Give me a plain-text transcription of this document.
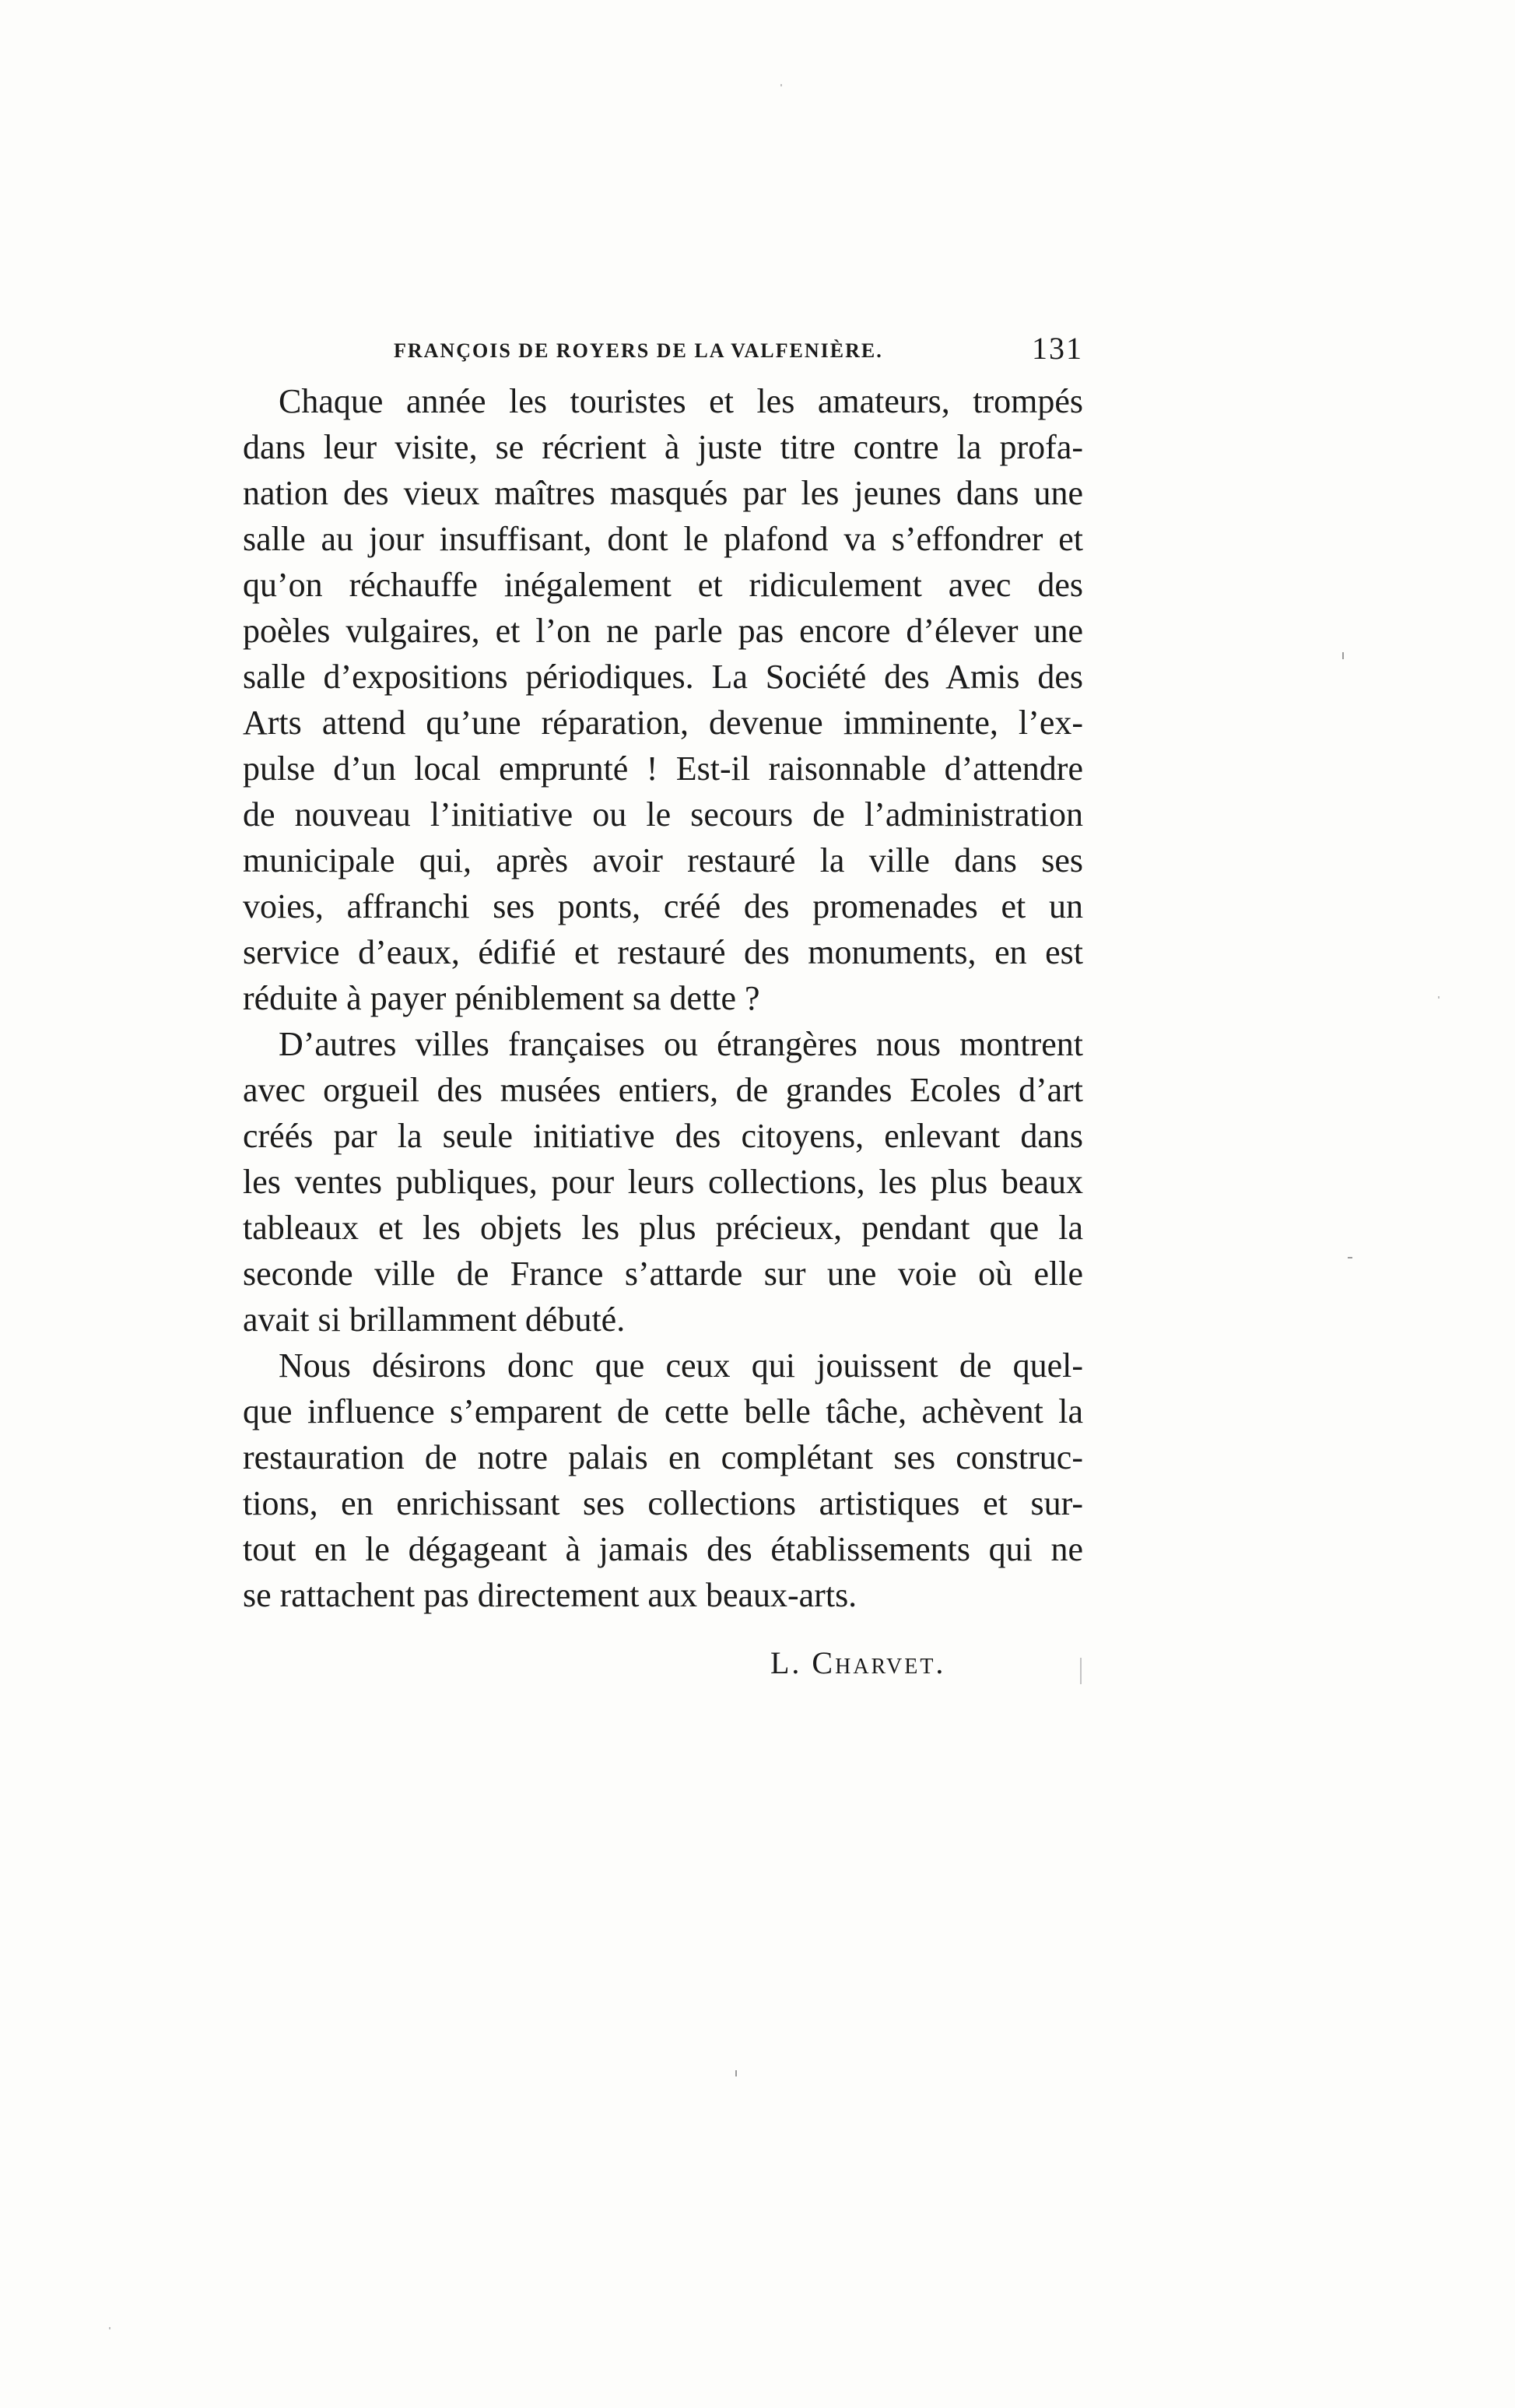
FRANÇOIS DE ROYERS DE LA VALFENIÈRE.	131
Chaque année les touristes et les amateurs, trompés
dans leur visite, se récrient à juste titre contre la profa-
nation des vieux maîtres masqués par les jeunes dans une
salle au jour insuffisant, dont le plafond va s’effondrer et
qu’on réchauffe inégalement et ridiculement avec des
poèles vulgaires, et l’on ne parle pas encore d’élever une
salle d’expositions périodiques. La Société des Amis des
Arts attend qu’une réparation, devenue imminente, l’ex-
pulse d’un local emprunté ! Est-il raisonnable d’attendre
de nouveau l’initiative ou le secours de l’administration
municipale qui, après avoir restauré la ville dans ses
voies, affranchi ses ponts, créé des promenades et un
service d’eaux, édifié et restauré des monuments, en est
réduite à payer péniblement sa dette ?
D’autres villes françaises ou étrangères nous montrent
avec orgueil des musées entiers, de grandes Ecoles d’art
créés par la seule initiative des citoyens, enlevant dans
les ventes publiques, pour leurs collections, les plus beaux
tableaux et les objets les plus précieux, pendant que la
seconde ville de France s’attarde sur une voie où elle
avait si brillamment débuté.
Nous désirons donc que ceux qui jouissent de quel-
que influence s’emparent de cette belle tâche, achèvent la
restauration de notre palais en complétant ses construc-
tions, en enrichissant ses collections artistiques et sur-
tout en le dégageant à jamais des établissements qui ne
se rattachent pas directement aux beaux-arts.
L. Charvet.
